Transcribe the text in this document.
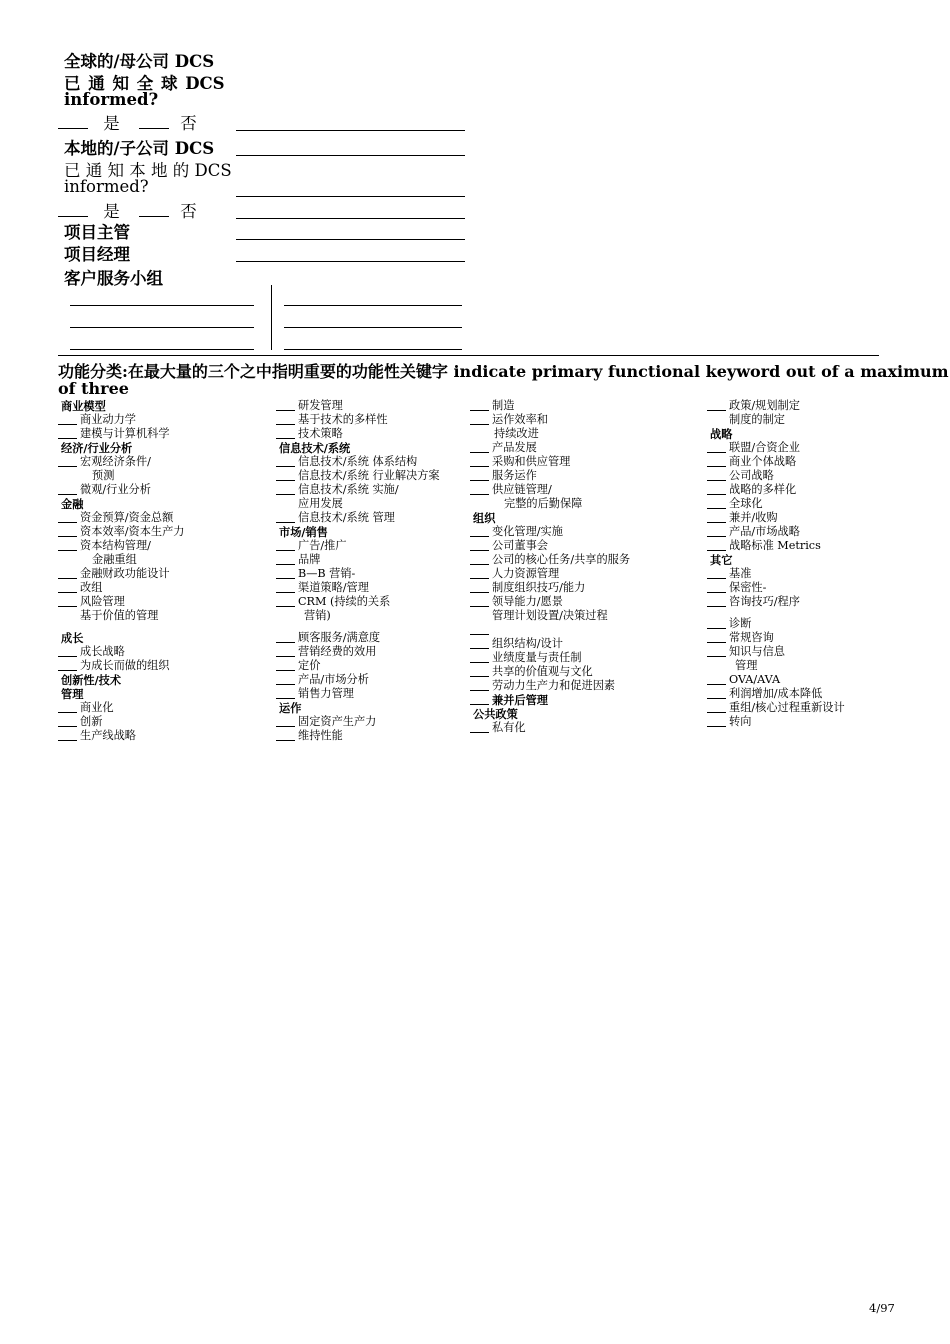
全球的/母公司 DCS
已 通 知 全 球 DCS
informed?
是	否
本地的/子公司 DCS
已 通 知 本 地 的 DCS
informed?
是	否
项目主管
项目经理
客户服务小组
功能分类:在最大量的三个之中指明重要的功能性关键字 indicate primary functional keyword out of a maximum
of three
商业模型
商业动力学
建模与计算机科学
经济/行业分析
宏观经济条件/
预测
微观/行业分析
金融
资金预算/资金总额
资本效率/资本生产力
资本结构管理/
金融重组
金融财政功能设计
改组
风险管理
基于价值的管理
成长
成长战略
为成长而做的组织
创新性/技术
管理
商业化
创新
生产线战略
研发管理
基于技术的多样性
技术策略
信息技术/系统
信息技术/系统 体系结构
信息技术/系统 行业解决方案
信息技术/系统 实施/
应用发展
信息技术/系统 管理
市场/销售
广告/推广
品牌
B—B 营销-
渠道策略/管理
CRM (持续的关系
营销)
顾客服务/满意度
营销经费的效用
定价
产品/市场分析
销售力管理
运作
固定资产生产力
维持性能
制造
运作效率和
持续改进
产品发展
采购和供应管理
服务运作
供应链管理/
完整的后勤保障
组织
变化管理/实施
公司董事会
公司的核心任务/共享的服务
人力资源管理
制度组织技巧/能力
领导能力/愿景
管理计划设置/决策过程
组织结构/设计
业绩度量与责任制
共享的价值观与文化
劳动力生产力和促进因素
兼并后管理
公共政策
私有化
政策/规划制定
制度的制定
战略
联盟/合资企业
商业个体战略
公司战略
战略的多样化
全球化
兼并/收购
产品/市场战略
战略标准 Metrics
其它
基准
保密性-
咨询技巧/程序
诊断
常规咨询
知识与信息
管理
OVA/AVA
利润增加/成本降低
重组/核心过程重新设计
转向
4/97
